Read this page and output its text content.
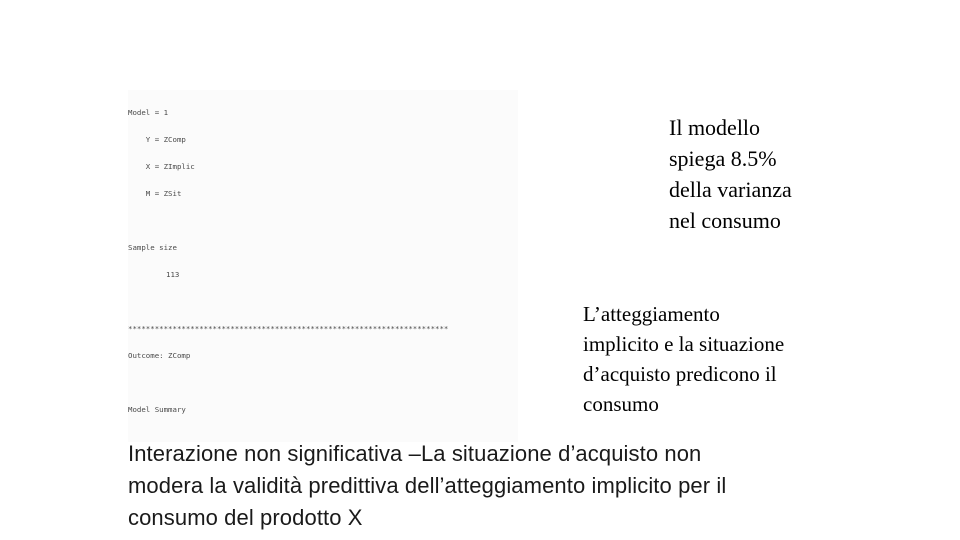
Model = 1

Y = ZComp

X = ZImplic

M = ZSit

Sample size

113

************************************************************************

Outcome: ZComp

Model Summary

Il modello
spiega 8.5%
della varianza
nel consumo
L’atteggiamento
implicito e la situazione
d’acquisto predicono il
consumo
Interazione non significativa –La situazione d’acquisto non
modera la validità predittiva dell’atteggiamento implicito per il
consumo del prodotto X
